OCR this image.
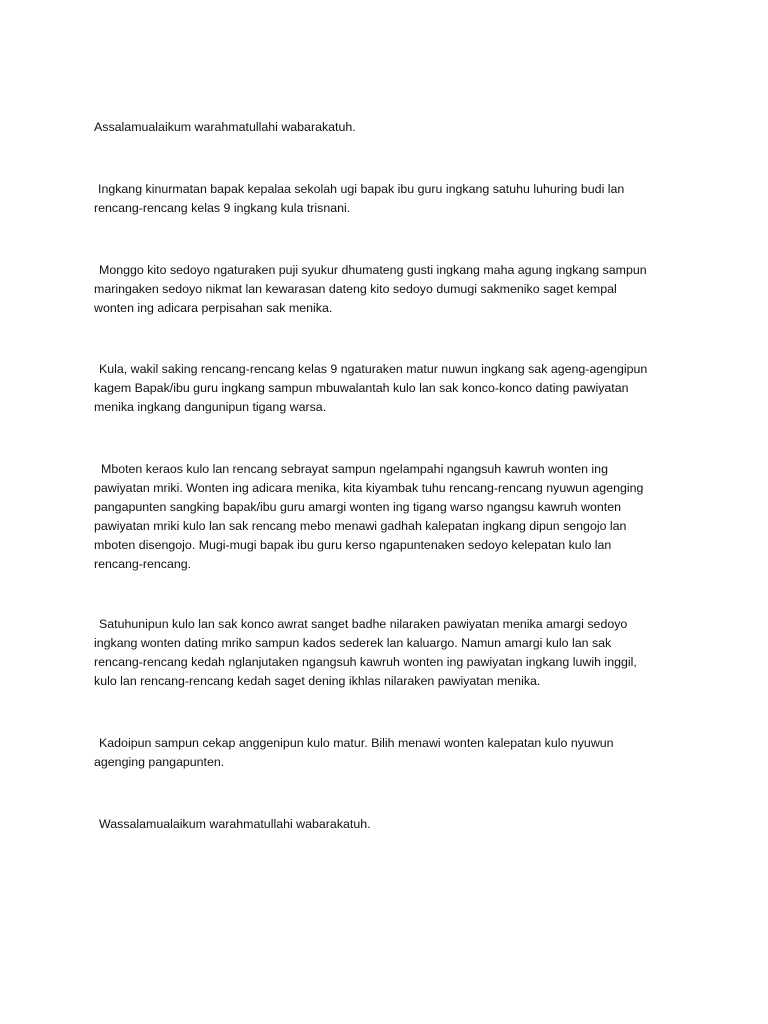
Assalamualaikum warahmatullahi wabarakatuh.

Ingkang kinurmatan bapak kepalaa sekolah ugi bapak ibu guru ingkang satuhu luhuring budi lan
rencang-rencang kelas 9 ingkang kula trisnani.

Monggo kito sedoyo ngaturaken puji syukur dhumateng gusti ingkang maha agung ingkang sampun
maringaken sedoyo nikmat lan kewarasan dateng kito sedoyo dumugi sakmeniko saget kempal
wonten ing adicara perpisahan sak menika.

Kula, wakil saking rencang-rencang kelas 9 ngaturaken matur nuwun ingkang sak ageng-agengipun
kagem Bapak/ibu guru ingkang sampun mbuwalantah kulo lan sak konco-konco dating pawiyatan
menika ingkang dangunipun tigang warsa.

Mboten keraos kulo lan rencang sebrayat sampun ngelampahi ngangsuh kawruh wonten ing
pawiyatan mriki. Wonten ing adicara menika, kita kiyambak tuhu rencang-rencang nyuwun agenging
pangapunten sangking bapak/ibu guru amargi wonten ing tigang warso ngangsu kawruh wonten
pawiyatan mriki kulo lan sak rencang mebo menawi gadhah kalepatan ingkang dipun sengojo lan
mboten disengojo. Mugi-mugi bapak ibu guru kerso ngapuntenaken sedoyo kelepatan kulo lan
rencang-rencang.

Satuhunipun kulo lan sak konco awrat sanget badhe nilaraken pawiyatan menika amargi sedoyo
ingkang wonten dating mriko sampun kados sederek lan kaluargo. Namun amargi kulo lan sak
rencang-rencang kedah nglanjutaken ngangsuh kawruh wonten ing pawiyatan ingkang luwih inggil,
kulo lan rencang-rencang kedah saget dening ikhlas nilaraken pawiyatan menika.

Kadoipun sampun cekap anggenipun kulo matur. Bilih menawi wonten kalepatan kulo nyuwun
agenging pangapunten.

Wassalamualaikum warahmatullahi wabarakatuh.
